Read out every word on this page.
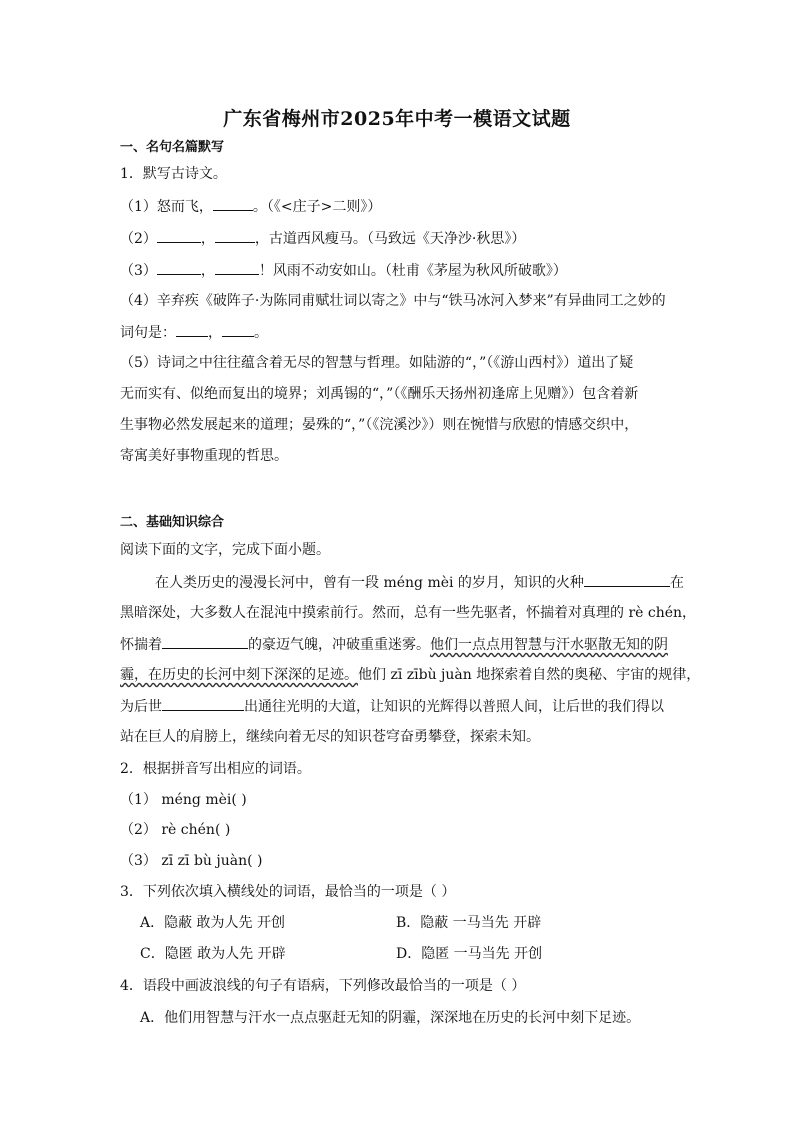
广东省梅州市2025年中考一模语文试题
一、名句名篇默写
1．默写古诗文。
（1）怒而飞，	。（《<庄子>二则》）
（2）	，	，古道西风瘦马。（马致远《天净沙·秋思》）
（3）	，	！风雨不动安如山。（杜甫《茅屋为秋风所破歌》）
（4）辛弃疾《破阵子·为陈同甫赋壮词以寄之》中与“铁马冰河入梦来”有异曲同工之妙的
词句是： ， 。
（5）诗词之中往往蕴含着无尽的智慧与哲理。如陆游的“，”（《游山西村》）道出了疑
无而实有、似绝而复出的境界；刘禹锡的“，”（《酬乐天扬州初逢席上见赠》）包含着新
生事物必然发展起来的道理；晏殊的“，”（《浣溪沙》）则在惋惜与欣慰的情感交织中，
寄寓美好事物重现的哲思。
二、基础知识综合
阅读下面的文字，完成下面小题。
在人类历史的漫漫长河中，曾有一段 méng mèi 的岁月，知识的火种	在
黑暗深处，大多数人在混沌中摸索前行。然而，总有一些先驱者，怀揣着对真理的 rè chén，
怀揣着	的豪迈气魄，冲破重重迷雾。他们一点点用智慧与汗水驱散无知的阴
霾，在历史的长河中刻下深深的足迹。他们 zī zībù juàn 地探索着自然的奥秘、宇宙的规律，
为后世	出通往光明的大道，让知识的光辉得以普照人间，让后世的我们得以
站在巨人的肩膀上，继续向着无尽的知识苍穹奋勇攀登，探索未知。
2．根据拼音写出相应的词语。
（1） méng mèi( )
（2） rè chén( )
（3） zī zī bù juàn( )
3．下列依次填入横线处的词语，最恰当的一项是（ ）
A．隐蔽 敢为人先 开创	B．隐蔽 一马当先 开辟
C．隐匿 敢为人先 开辟	D．隐匿 一马当先 开创
4．语段中画波浪线的句子有语病，下列修改最恰当的一项是（ ）
A．他们用智慧与汗水一点点驱赶无知的阴霾，深深地在历史的长河中刻下足迹。
